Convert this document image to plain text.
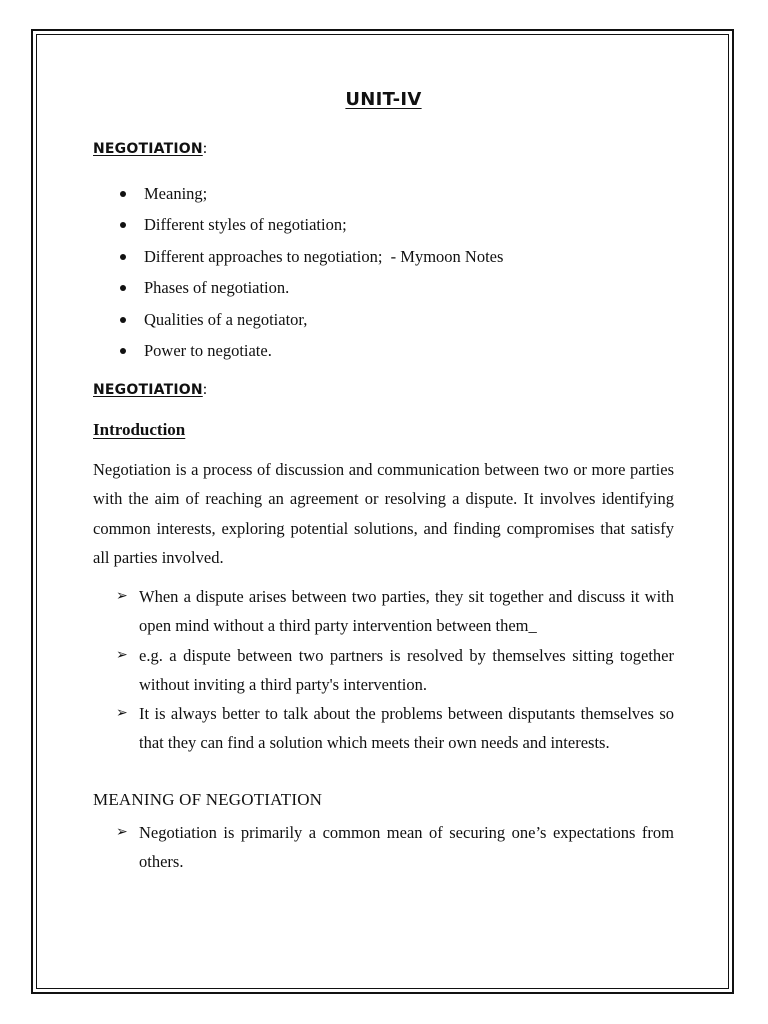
UNIT-IV
NEGOTIATION:
Meaning;
Different styles of negotiation;
Different approaches to negotiation;  - Mymoon Notes
Phases of negotiation.
Qualities of a negotiator,
Power to negotiate.
NEGOTIATION:
Introduction

Negotiation is a process of discussion and communication between two or more parties with the aim of reaching an agreement or resolving a dispute. It involves identifying common interests, exploring potential solutions, and finding compromises that satisfy all parties involved.

➢ When a dispute arises between two parties, they sit together and discuss it with open mind without a third party intervention between them_
➢ e.g. a dispute between two partners is resolved by themselves sitting together without inviting a third party's intervention.
➢ It is always better to talk about the problems between disputants themselves so that they can find a solution which meets their own needs and interests.
MEANING OF NEGOTIATION
➢ Negotiation is primarily a common mean of securing one’s expectations from others.
